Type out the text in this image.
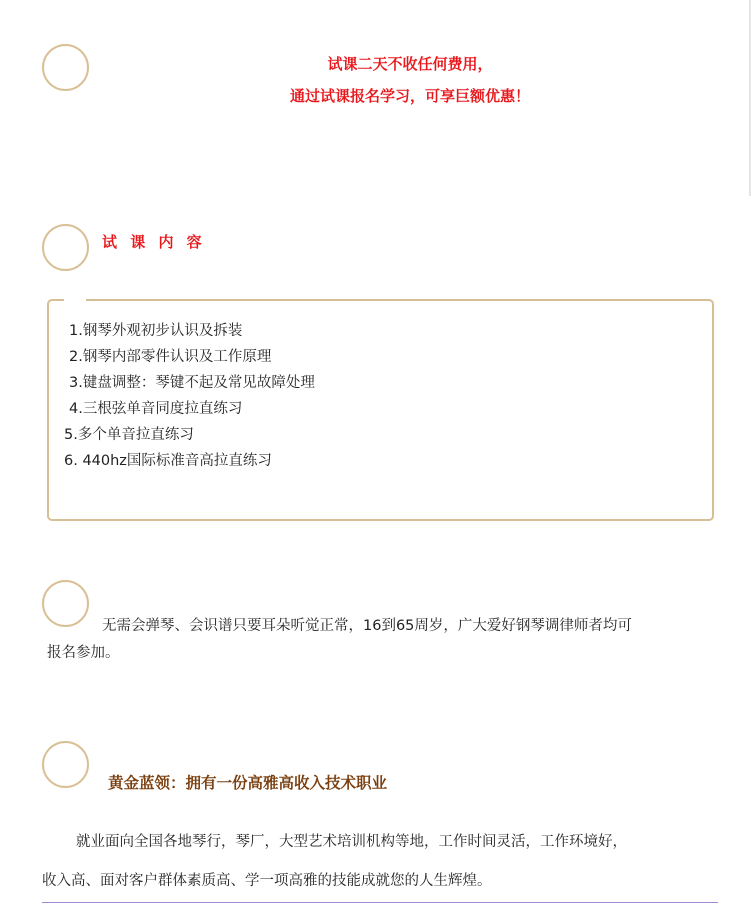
试课二天不收任何费用，
通过试课报名学习，可享巨额优惠！
试 课 内 容
1.钢琴外观初步认识及拆装
2.钢琴内部零件认识及工作原理
3.键盘调整：琴键不起及常见故障处理
4.三根弦单音同度拉直练习
5.多个单音拉直练习
6. 440hz国际标准音高拉直练习
无需会弹琴、会识谱只要耳朵听觉正常，16到65周岁，广大爱好钢琴调律师者均可
报名参加。
黄金蓝领：拥有一份高雅高收入技术职业
就业面向全国各地琴行，琴厂，大型艺术培训机构等地，工作时间灵活，工作环境好，
收入高、面对客户群体素质高、学一项高雅的技能成就您的人生辉煌。
